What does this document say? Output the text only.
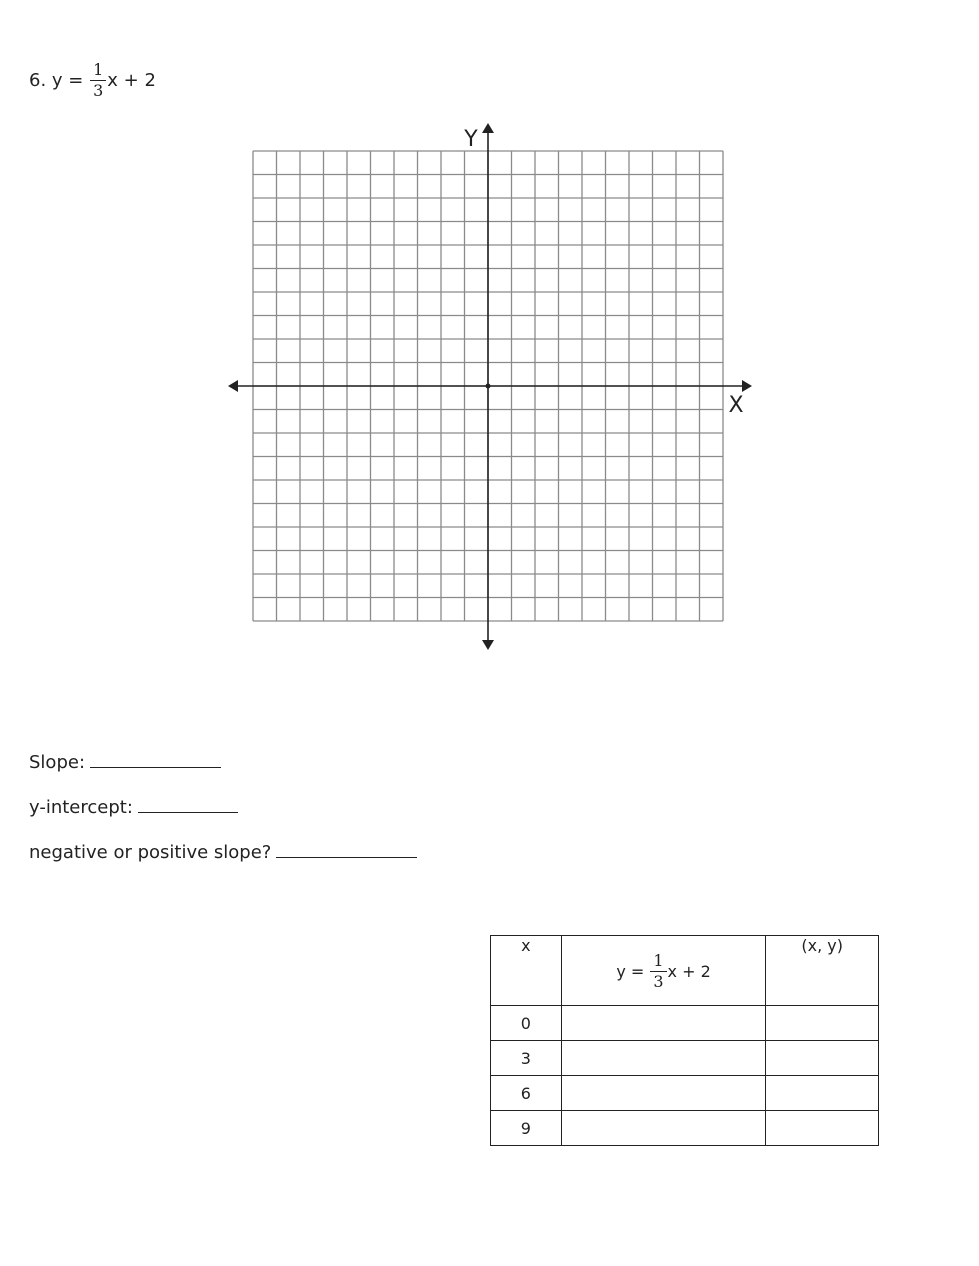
6. $y = \frac{1}{3}$ x + 2
Y
X
Slope:
y-intercept:
negative or positive slope?
x	$y = \frac{1}{3}$ x + 2	(x, y)
0		
3		
6		
9		
